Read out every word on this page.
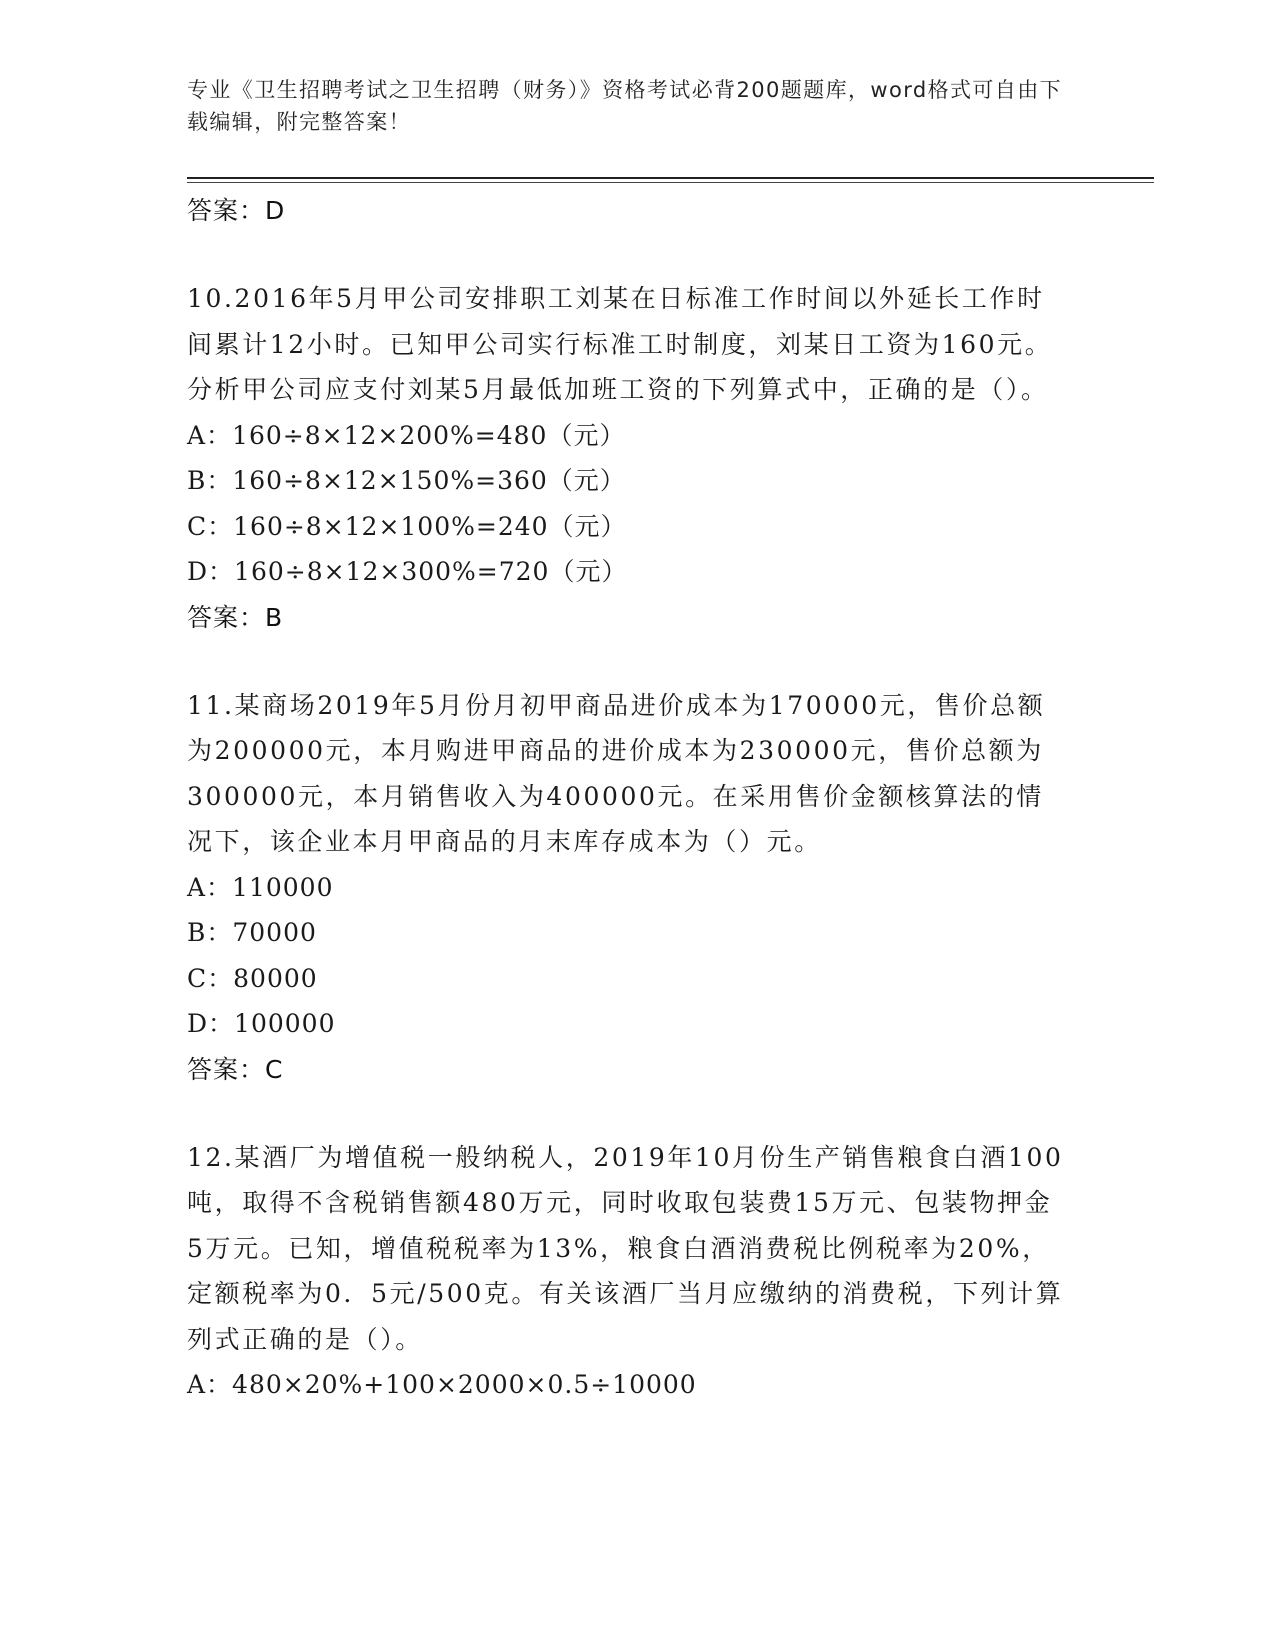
专业《卫生招聘考试之卫生招聘（财务）》资格考试必背200题题库，word格式可自由下载编辑，附完整答案！
答案：D
10.2016年5月甲公司安排职工刘某在日标准工作时间以外延长工作时间累计12小时。已知甲公司实行标准工时制度，刘某日工资为160元。分析甲公司应支付刘某5月最低加班工资的下列算式中，正确的是（）。
A：160÷8×12×200%=480（元）
B：160÷8×12×150%=360（元）
C：160÷8×12×100%=240（元）
D：160÷8×12×300%=720（元）
答案：B
11.某商场2019年5月份月初甲商品进价成本为170000元，售价总额为200000元，本月购进甲商品的进价成本为230000元，售价总额为300000元，本月销售收入为400000元。在采用售价金额核算法的情况下，该企业本月甲商品的月末库存成本为（）元。
A：110000
B：70000
C：80000
D：100000
答案：C
12.某酒厂为增值税一般纳税人，2019年10月份生产销售粮食白酒100吨，取得不含税销售额480万元，同时收取包装费15万元、包装物押金5万元。已知，增值税税率为13%，粮食白酒消费税比例税率为20%，定额税率为0．5元/500克。有关该酒厂当月应缴纳的消费税，下列计算列式正确的是（）。
A：480×20%+100×2000×0.5÷10000
